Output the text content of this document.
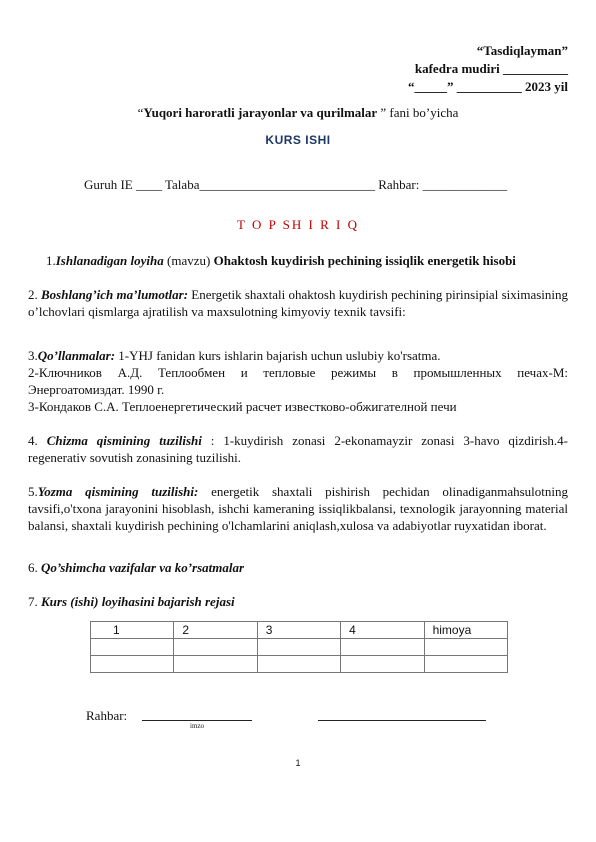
“Tasdiqlayman”
kafedra mudiri __________
“_____” __________ 2023 yil
“Yuqori haroratli jarayonlar va qurilmalar ” fani bo’yicha
KURS ISHI
Guruh IE ____ Talaba___________________________ Rahbar: _____________
T O P SH I R I Q
1.Ishlanadigan loyiha (mavzu) Ohaktosh kuydirish pechining issiqlik energetik hisobi
2. Boshlang’ich ma’lumotlar: Energetik shaxtali ohaktosh kuydirish pechining pirinsipial siximasining o’lchovlari qismlarga ajratilish va maxsulotning kimyoviy texnik tavsifi:
3.Qo’llanmalar: 1-YHJ fanidan kurs ishlarin bajarish uchun uslubiy ko'rsatma.
2-Ключников А.Д. Теплообмен и тепловые режимы в промышленных печах-М: Энергоатомиздат. 1990 г.
3-Кондаков С.А. Теплоенергетический расчет известково-обжигателной печи
4. Chizma qismining tuzilishi : 1-kuydirish zonasi 2-ekonamayzir zonasi 3-havo qizdirish.4-regenerativ sovutish zonasining tuzilishi.
5.Yozma qismining tuzilishi: energetik shaxtali pishirish pechidan olinadiganmahsulotning tavsifi,o'txona jarayonini hisoblash, ishchi kameraning issiqlikbalansi, texnologik jarayonning material balansi, shaxtali kuydirish pechining o'lchamlarini aniqlash,xulosa va adabiyotlar ruyxatidan iborat.
6. Qo’shimcha vazifalar va ko’rsatmalar
7. Kurs (ishi) loyihasini bajarish rejasi
1	2	3	4	himoya

Rahbar:
imzo
1
